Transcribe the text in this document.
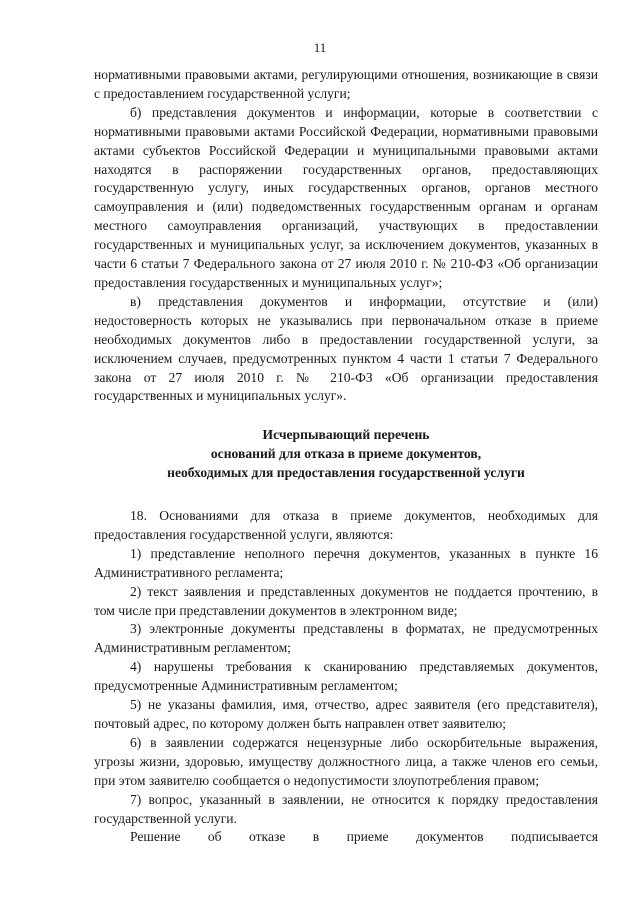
11

нормативными правовыми актами, регулирующими отношения, возникающие в связи с предоставлением государственной услуги;

б) представления документов и информации, которые в соответствии с нормативными правовыми актами Российской Федерации, нормативными правовыми актами субъектов Российской Федерации и муниципальными правовыми актами находятся в распоряжении государственных органов, предоставляющих государственную услугу, иных государственных органов, органов местного самоуправления и (или) подведомственных государственным органам и органам местного самоуправления организаций, участвующих в предоставлении государственных и муниципальных услуг, за исключением документов, указанных в части 6 статьи 7 Федерального закона от 27 июля 2010 г. № 210-ФЗ «Об организации предоставления государственных и муниципальных услуг»;

в) представления документов и информации, отсутствие и (или) недостоверность которых не указывались при первоначальном отказе в приеме необходимых документов либо в предоставлении государственной услуги, за исключением случаев, предусмотренных пунктом 4 части 1 статьи 7 Федерального закона от 27 июля 2010 г. № 210-ФЗ «Об организации предоставления государственных и муниципальных услуг».

Исчерпывающий перечень
оснований для отказа в приеме документов,
необходимых для предоставления государственной услуги

18. Основаниями для отказа в приеме документов, необходимых для предоставления государственной услуги, являются:

1) представление неполного перечня документов, указанных в пункте 16 Административного регламента;

2) текст заявления и представленных документов не поддается прочтению, в том числе при представлении документов в электронном виде;

3) электронные документы представлены в форматах, не предусмотренных Административным регламентом;

4) нарушены требования к сканированию представляемых документов, предусмотренные Административным регламентом;

5) не указаны фамилия, имя, отчество, адрес заявителя (его представителя), почтовый адрес, по которому должен быть направлен ответ заявителю;

6) в заявлении содержатся нецензурные либо оскорбительные выражения, угрозы жизни, здоровью, имуществу должностного лица, а также членов его семьи, при этом заявителю сообщается о недопустимости злоупотребления правом;

7) вопрос, указанный в заявлении, не относится к порядку предоставления государственной услуги.

Решение об отказе в приеме документов подписывается
